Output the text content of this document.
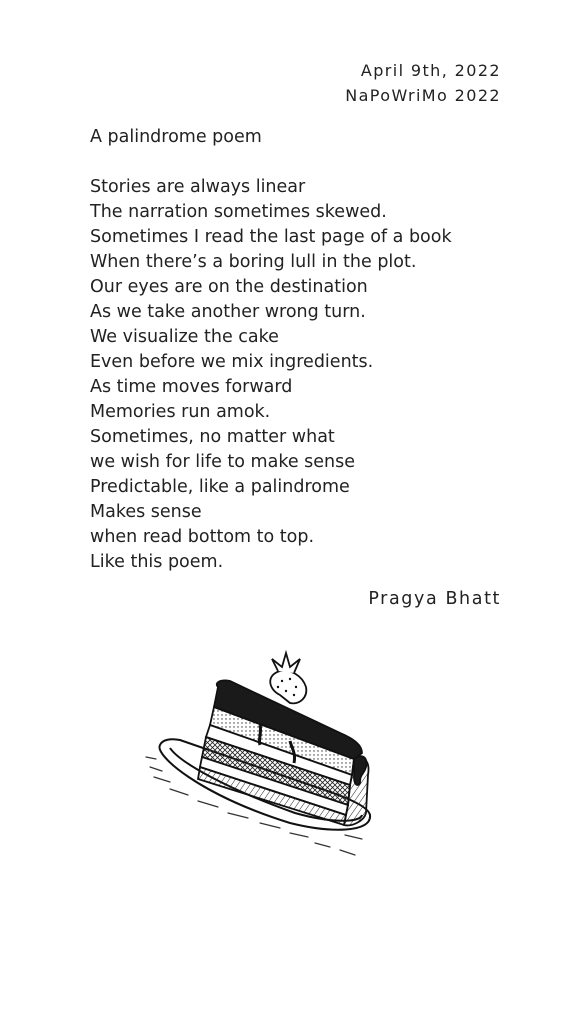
April 9th, 2022
NaPoWriMo 2022
A palindrome poem
Stories are always linear
The narration sometimes skewed.
Sometimes I read the last page of a book
When there’s a boring lull in the plot.
Our eyes are on the destination
As we take another wrong turn.
We visualize the cake
Even before we mix ingredients.
As time moves forward
Memories run amok.
Sometimes, no matter what
we wish for life to make sense
Predictable, like a palindrome
Makes sense
when read bottom to top.
Like this poem.
Pragya Bhatt
